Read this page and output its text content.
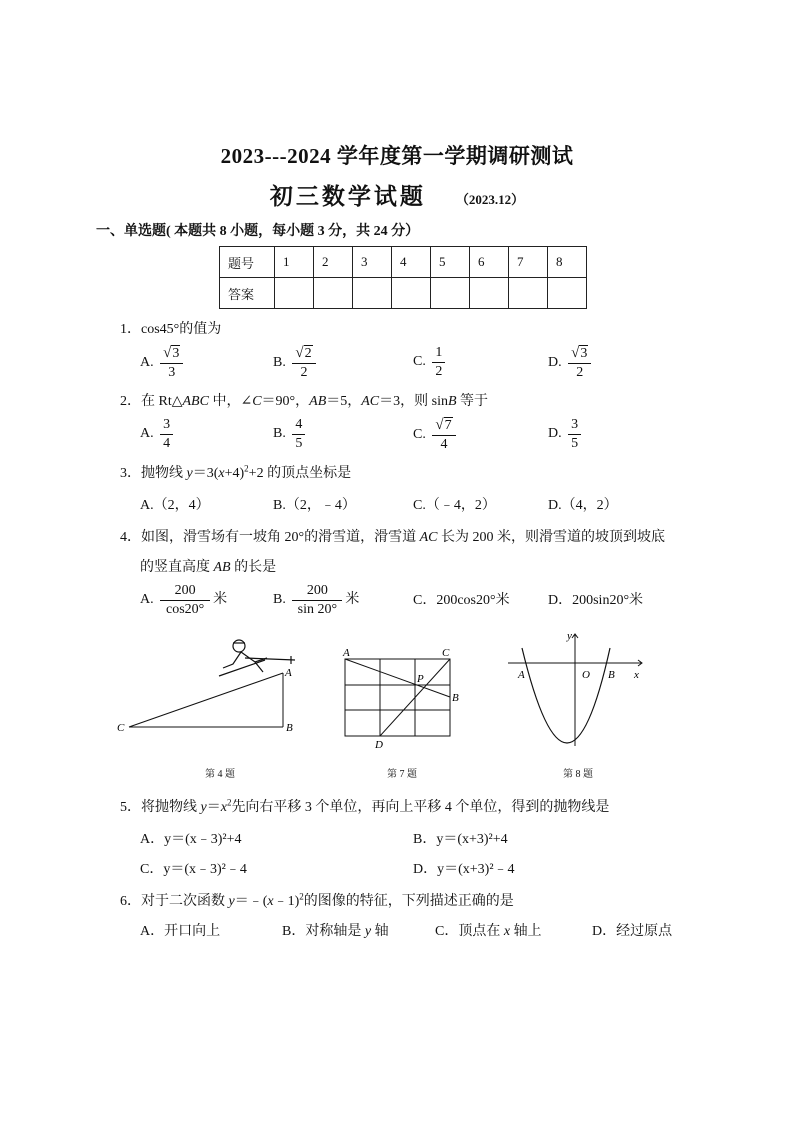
2023---2024 学年度第一学期调研测试
初三数学试题 （2023.12）
一、单选题( 本题共 8 小题，每小题 3 分，共 24 分）
题号	1	2	3	4	5	6	7	8
答案								
1．cos45°的值为
A. $\frac{√3}{3}$	B. $\frac{√2}{2}$	C. $\frac{1}{2}$	D. $\frac{√3}{2}$
2．在 Rt△ABC 中，∠C＝90°，AB＝5，AC＝3，则 sinB 等于
A. $\frac{3}{4}$	B. $\frac{4}{5}$	C. $\frac{√7}{4}$	D. $\frac{3}{5}$
3．抛物线 $y=3(x+4)^2+2$ 的顶点坐标是
A.（2，4）	B.（2，﹣4）	C.（﹣4，2）	D.（4，2）
4．如图，滑雪场有一坡角 20°的滑雪道，滑雪道 AC 长为 200 米，则滑雪道的坡顶到坡底
的竖直高度 AB 的长是
A. $\frac{200}{\cos 20^\circ}$ 米	B. $\frac{200}{\sin 20^\circ}$ 米	C．200cos20°米	D．200sin20°米
C	B
A
第 4 题
A	C
P
B
D
第 7 题
y
A	O B x
第 8 题
5．将抛物线 $y=x^2$先向右平移 3 个单位，再向上平移 4 个单位，得到的抛物线是
A．y＝(x﹣3)²+4	B．y＝(x+3)²+4
C．y＝(x﹣3)²﹣4	D．y＝(x+3)²﹣4
6．对于二次函数 y＝﹣(x﹣1)$^2$的图像的特征，下列描述正确的是
A．开口向上	B．对称轴是 y 轴	C．顶点在 x 轴上	D．经过原点
